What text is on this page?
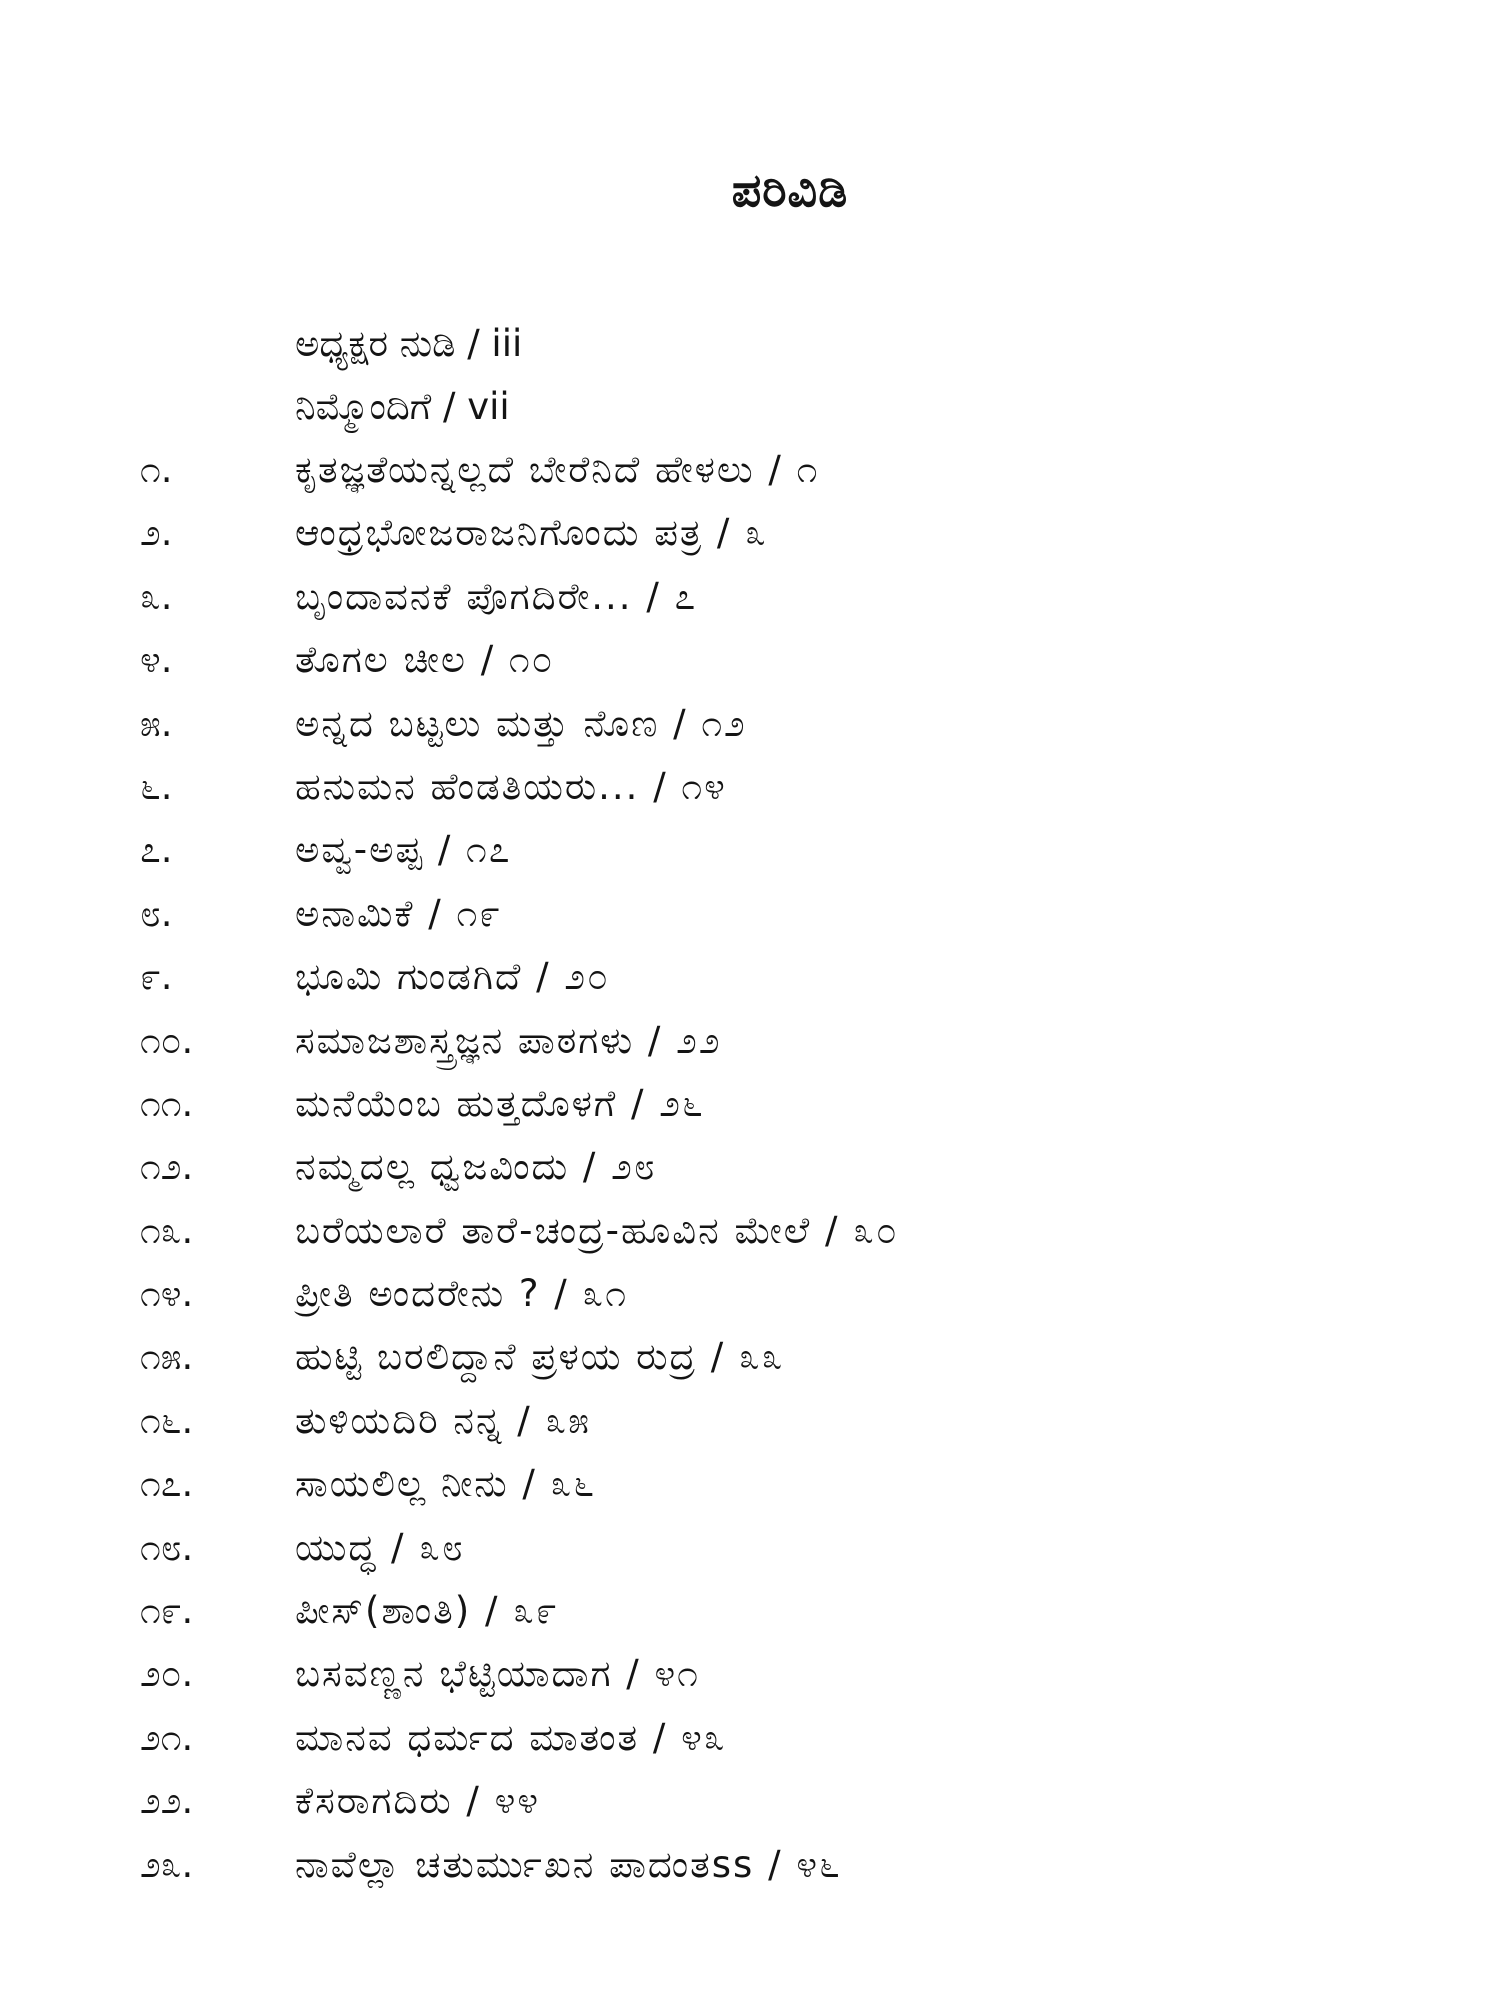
ಪರಿವಿಡಿ
ಅಧ್ಯಕ್ಷರ ನುಡಿ / iii
ನಿಮ್ಮೊಂದಿಗೆ / vii
೧.	ಕೃತಜ್ಞತೆಯನ್ನಲ್ಲದೆ ಬೇರೆನಿದೆ ಹೇಳಲು / ೧
೨.	ಆಂಧ್ರಭೋಜರಾಜನಿಗೊಂದು ಪತ್ರ / ೩
೩.	ಬೃಂದಾವನಕೆ ಪೊಗದಿರೇ... / ೭
೪.	ತೊಗಲ ಚೀಲ / ೧೦
೫.	ಅನ್ನದ ಬಟ್ಟಲು ಮತ್ತು ನೊಣ / ೧೨
೬.	ಹನುಮನ ಹೆಂಡತಿಯರು... / ೧೪
೭.	ಅವ್ವ-ಅಪ್ಪ / ೧೭
೮.	ಅನಾಮಿಕೆ / ೧೯
೯.	ಭೂಮಿ ಗುಂಡಗಿದೆ / ೨೦
೧೦.	ಸಮಾಜಶಾಸ್ತ್ರಜ್ಞನ ಪಾಠಗಳು / ೨೨
೧೧.	ಮನೆಯೆಂಬ ಹುತ್ತದೊಳಗೆ / ೨೬
೧೨.	ನಮ್ಮದಲ್ಲ ಧ್ವಜವಿಂದು / ೨೮
೧೩.	ಬರೆಯಲಾರೆ ತಾರೆ-ಚಂದ್ರ-ಹೂವಿನ ಮೇಲೆ / ೩೦
೧೪.	ಪ್ರೀತಿ ಅಂದರೇನು ? / ೩೧
೧೫.	ಹುಟ್ಟಿ ಬರಲಿದ್ದಾನೆ ಪ್ರಳಯ ರುದ್ರ / ೩೩
೧೬.	ತುಳಿಯದಿರಿ ನನ್ನ / ೩೫
೧೭.	ಸಾಯಲಿಲ್ಲ ನೀನು / ೩೬
೧೮.	ಯುದ್ಧ / ೩೮
೧೯.	ಪೀಸ್(ಶಾಂತಿ) / ೩೯
೨೦.	ಬಸವಣ್ಣನ ಭೆಟ್ಟಿಯಾದಾಗ / ೪೧
೨೧.	ಮಾನವ ಧರ್ಮದ ಮಾತಂತ / ೪೩
೨೨.	ಕೆಸರಾಗದಿರು / ೪೪
೨೩.	ನಾವೆಲ್ಲಾ ಚತುರ್ಮುಖನ ಪಾದಂತss / ೪೬
